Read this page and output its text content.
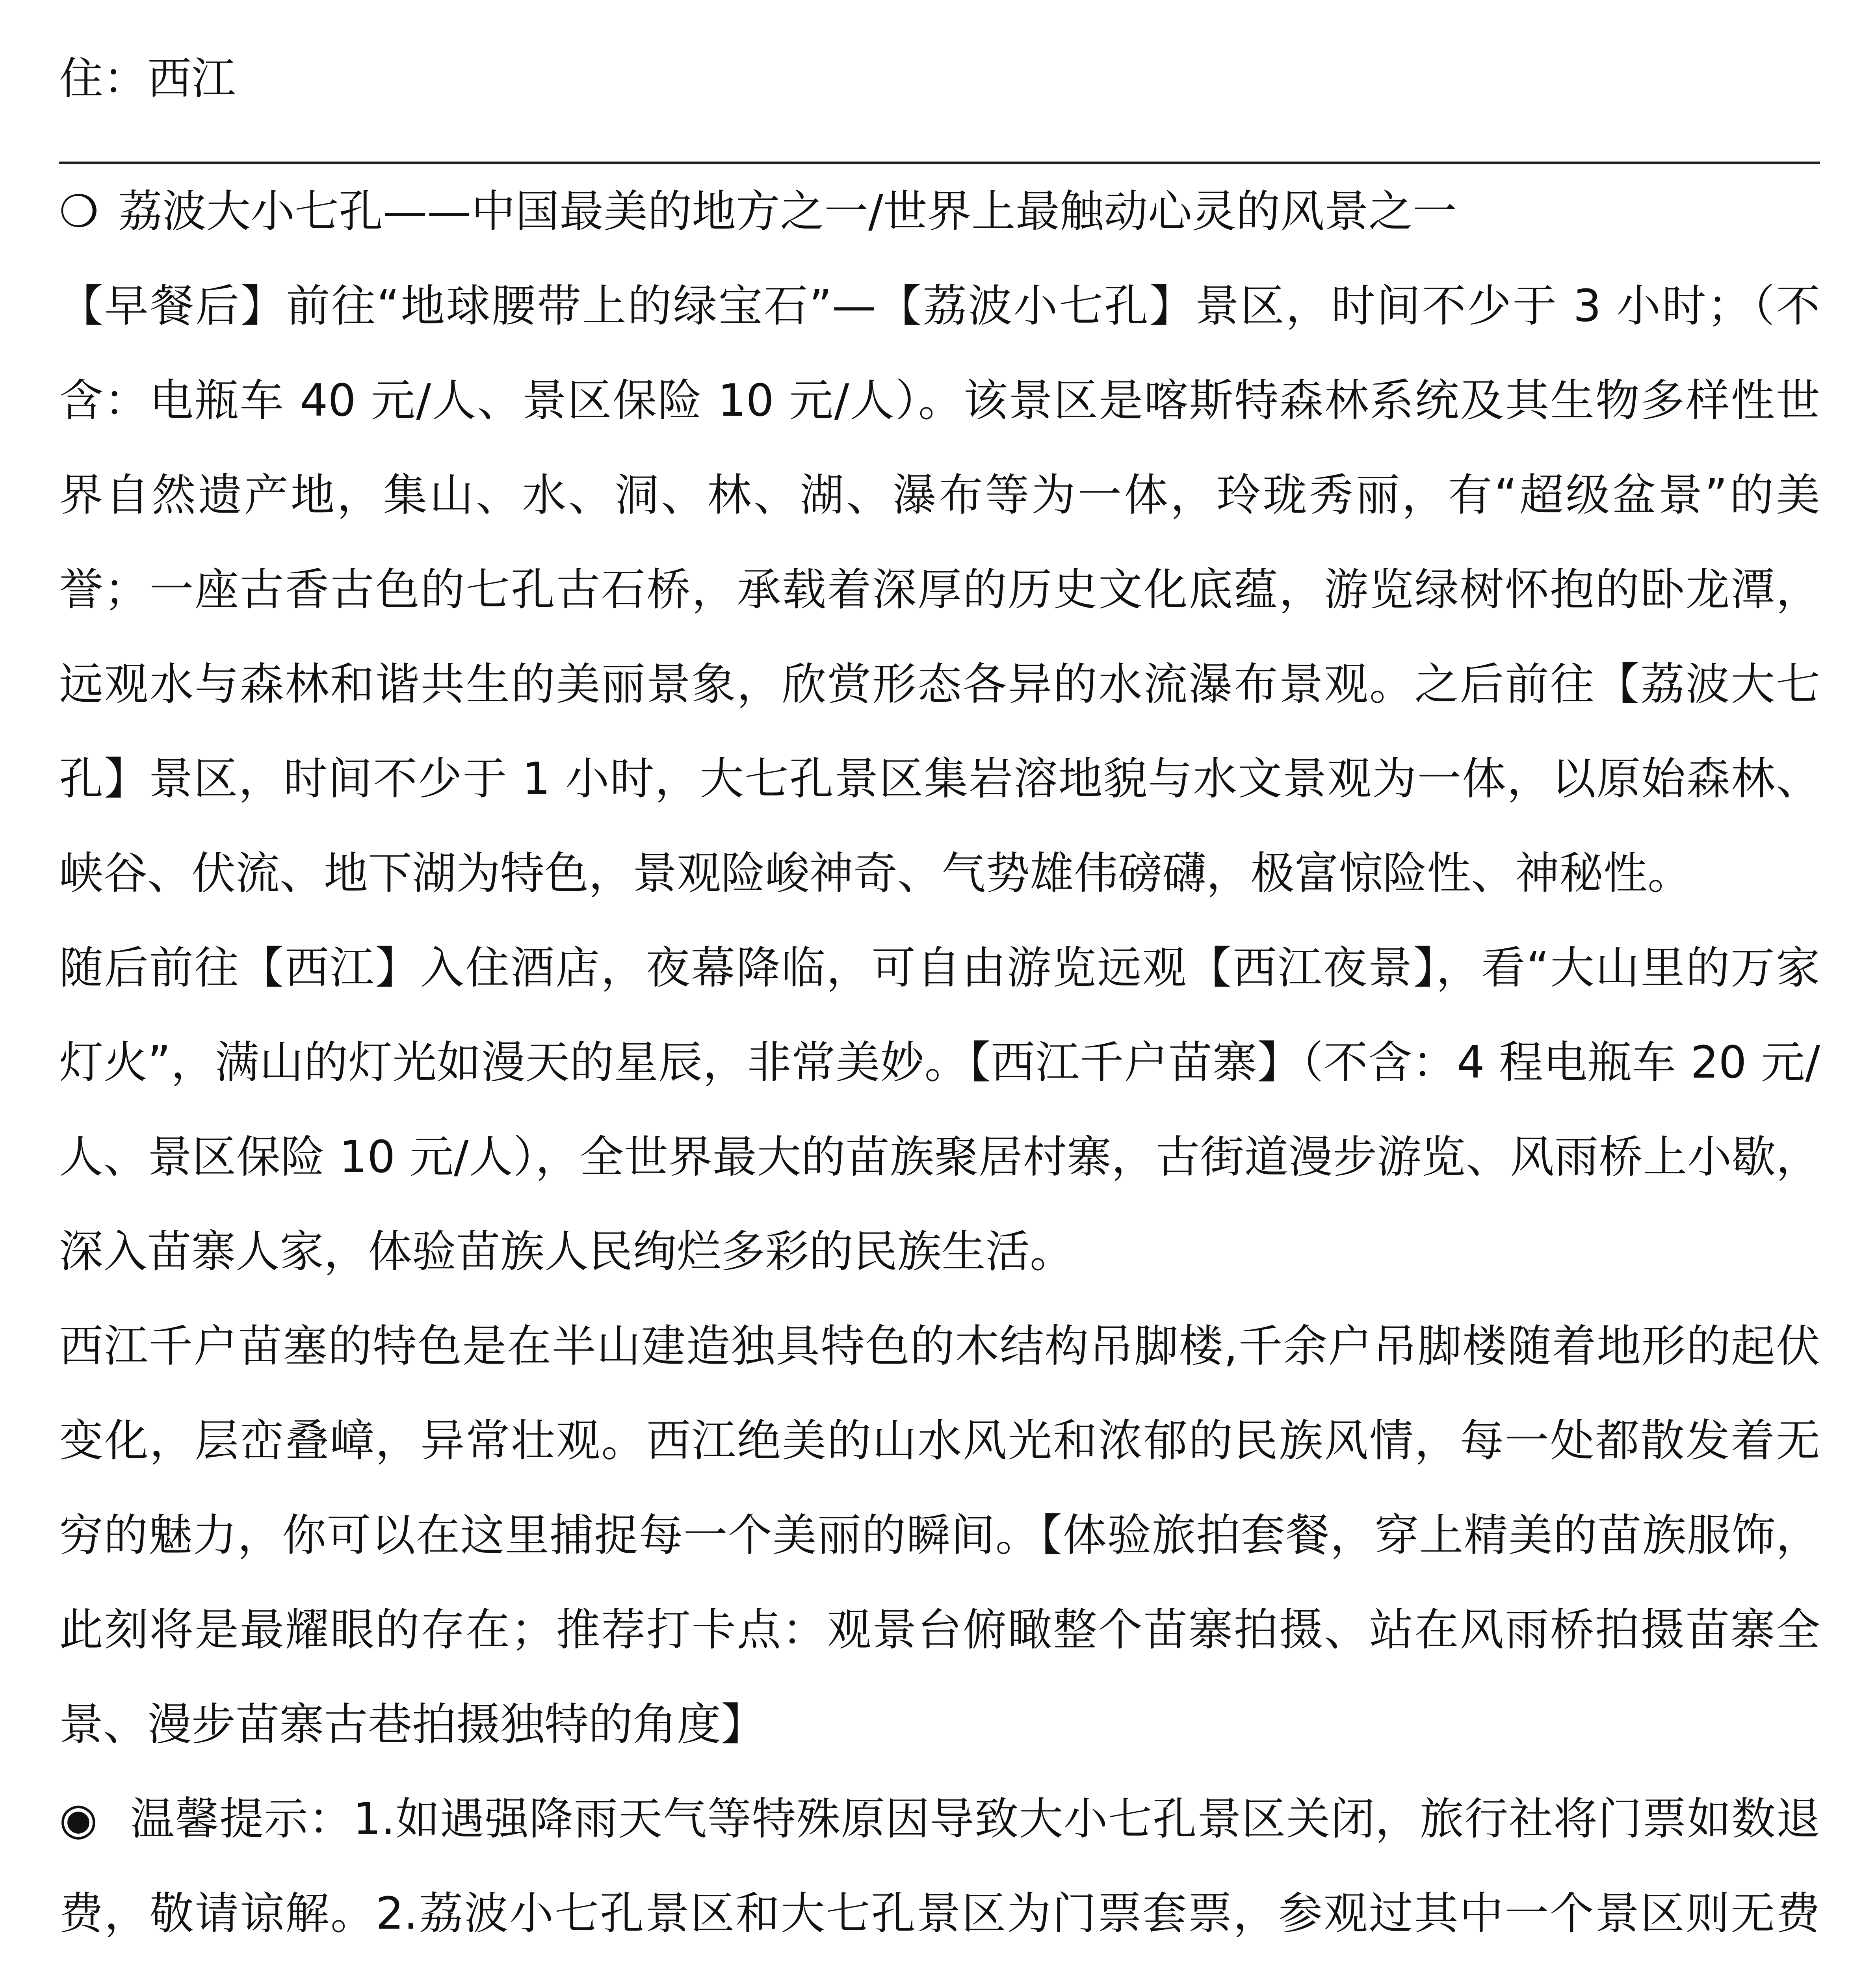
住：西江

❍ 荔波大小七孔——中国最美的地方之一/世界上最触动心灵的风景之一

【早餐后】前往“地球腰带上的绿宝石”—【荔波小七孔】景区，时间不少于 3 小时；（不含：电瓶车 40 元/人、景区保险 10 元/人）。该景区是喀斯特森林系统及其生物多样性世界自然遗产地，集山、水、洞、林、湖、瀑布等为一体，玲珑秀丽，有“超级盆景”的美誉；一座古香古色的七孔古石桥，承载着深厚的历史文化底蕴，游览绿树怀抱的卧龙潭，远观水与森林和谐共生的美丽景象，欣赏形态各异的水流瀑布景观。之后前往【荔波大七孔】景区，时间不少于 1 小时，大七孔景区集岩溶地貌与水文景观为一体，以原始森林、峡谷、伏流、地下湖为特色，景观险峻神奇、气势雄伟磅礴，极富惊险性、神秘性。

随后前往【西江】入住酒店，夜幕降临，可自由游览远观【西江夜景】，看“大山里的万家灯火”，满山的灯光如漫天的星辰，非常美妙。【西江千户苗寨】（不含：4 程电瓶车 20 元/人、景区保险 10 元/人），全世界最大的苗族聚居村寨，古街道漫步游览、风雨桥上小歇，深入苗寨人家，体验苗族人民绚烂多彩的民族生活。

西江千户苗塞的特色是在半山建造独具特色的木结构吊脚楼,千余户吊脚楼随着地形的起伏变化，层峦叠嶂，异常壮观。西江绝美的山水风光和浓郁的民族风情，每一处都散发着无穷的魅力，你可以在这里捕捉每一个美丽的瞬间。【体验旅拍套餐，穿上精美的苗族服饰，此刻将是最耀眼的存在；推荐打卡点：观景台俯瞰整个苗寨拍摄、站在风雨桥拍摄苗寨全景、漫步苗寨古巷拍摄独特的角度】

◉ 温馨提示：1.如遇强降雨天气等特殊原因导致大小七孔景区关闭，旅行社将门票如数退费，敬请谅解。2.荔波小七孔景区和大七孔景区为门票套票，参观过其中一个景区则无费
